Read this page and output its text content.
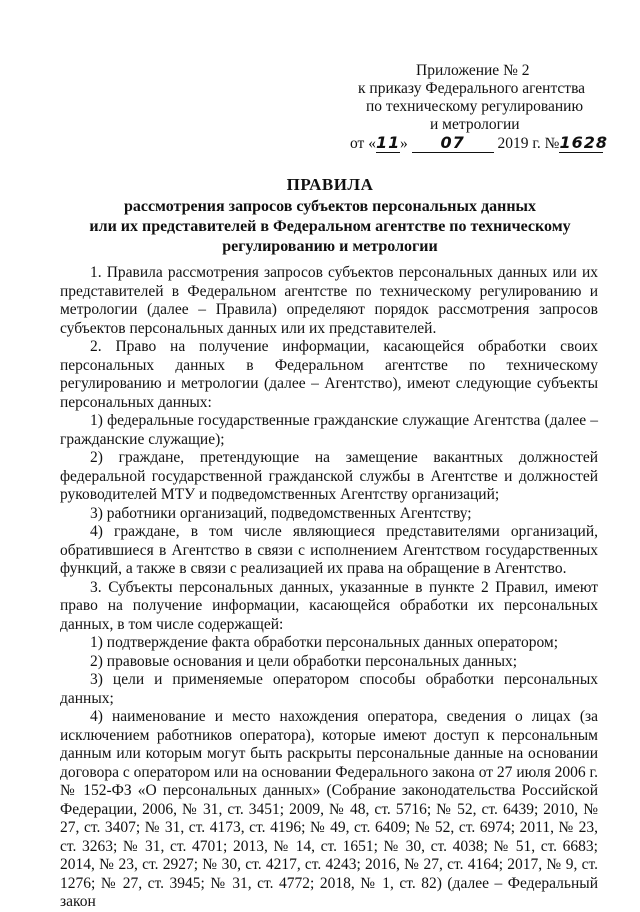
Приложение № 2
к приказу Федерального агентства
по техническому регулированию
и метрологии
от «11» 07 2019 г. №1628
ПРАВИЛА
рассмотрения запросов субъектов персональных данных
или их представителей в Федеральном агентстве по техническому
регулированию и метрологии

1. Правила рассмотрения запросов субъектов персональных данных или их представителей в Федеральном агентстве по техническому регулированию и метрологии (далее – Правила) определяют порядок рассмотрения запросов субъектов персональных данных или их представителей.

2. Право на получение информации, касающейся обработки своих персональных данных в Федеральном агентстве по техническому регулированию и метрологии (далее – Агентство), имеют следующие субъекты персональных данных:

1) федеральные государственные гражданские служащие Агентства (далее – гражданские служащие);

2) граждане, претендующие на замещение вакантных должностей федеральной государственной гражданской службы в Агентстве и должностей руководителей МТУ и подведомственных Агентству организаций;

3) работники организаций, подведомственных Агентству;

4) граждане, в том числе являющиеся представителями организаций, обратившиеся в Агентство в связи с исполнением Агентством государственных функций, а также в связи с реализацией их права на обращение в Агентство.

3. Субъекты персональных данных, указанные в пункте 2 Правил, имеют право на получение информации, касающейся обработки их персональных данных, в том числе содержащей:

1) подтверждение факта обработки персональных данных оператором;

2) правовые основания и цели обработки персональных данных;

3) цели и применяемые оператором способы обработки персональных данных;

4) наименование и место нахождения оператора, сведения о лицах (за исключением работников оператора), которые имеют доступ к персональным данным или которым могут быть раскрыты персональные данные на основании договора с оператором или на основании Федерального закона от 27 июля 2006 г. № 152-ФЗ «О персональных данных» (Собрание законодательства Российской Федерации, 2006, № 31, ст. 3451; 2009, № 48, ст. 5716; № 52, ст. 6439; 2010, № 27, ст. 3407; № 31, ст. 4173, ст. 4196; № 49, ст. 6409; № 52, ст. 6974; 2011, № 23, ст. 3263; № 31, ст. 4701; 2013, № 14, ст. 1651; № 30, ст. 4038; № 51, ст. 6683; 2014, № 23, ст. 2927; № 30, ст. 4217, ст. 4243; 2016, № 27, ст. 4164; 2017, № 9, ст. 1276; № 27, ст. 3945; № 31, ст. 4772; 2018, № 1, ст. 82) (далее – Федеральный закон
